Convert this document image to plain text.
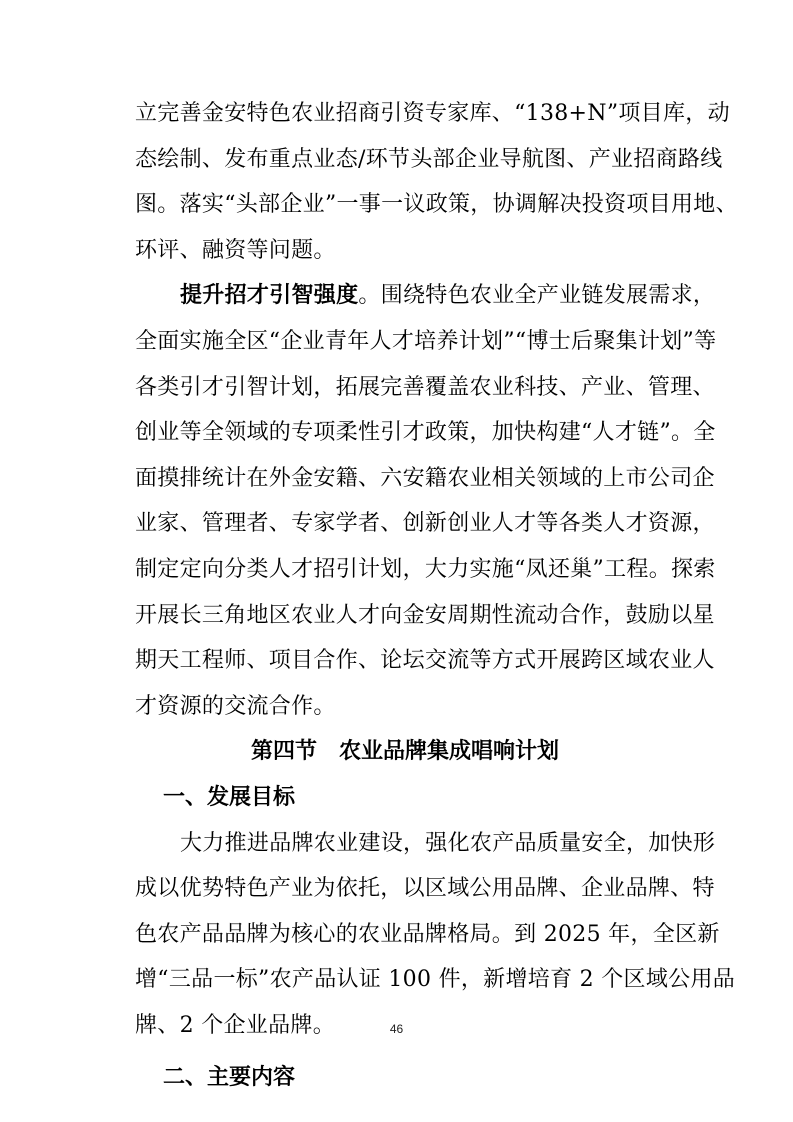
立完善金安特色农业招商引资专家库、“138+N”项目库，动
态绘制、发布重点业态/环节头部企业导航图、产业招商路线
图。落实“头部企业”一事一议政策，协调解决投资项目用地、
环评、融资等问题。
提升招才引智强度。围绕特色农业全产业链发展需求，
全面实施全区“企业青年人才培养计划”“博士后聚集计划”等
各类引才引智计划，拓展完善覆盖农业科技、产业、管理、
创业等全领域的专项柔性引才政策，加快构建“人才链”。全
面摸排统计在外金安籍、六安籍农业相关领域的上市公司企
业家、管理者、专家学者、创新创业人才等各类人才资源，
制定定向分类人才招引计划，大力实施“凤还巢”工程。探索
开展长三角地区农业人才向金安周期性流动合作，鼓励以星
期天工程师、项目合作、论坛交流等方式开展跨区域农业人
才资源的交流合作。
第四节　农业品牌集成唱响计划
一、发展目标
46
大力推进品牌农业建设，强化农产品质量安全，加快形
成以优势特色产业为依托，以区域公用品牌、企业品牌、特
色农产品品牌为核心的农业品牌格局。到 2025 年，全区新
增“三品一标”农产品认证 100 件，新增培育 2 个区域公用品
牌、2 个企业品牌。
二、主要内容
